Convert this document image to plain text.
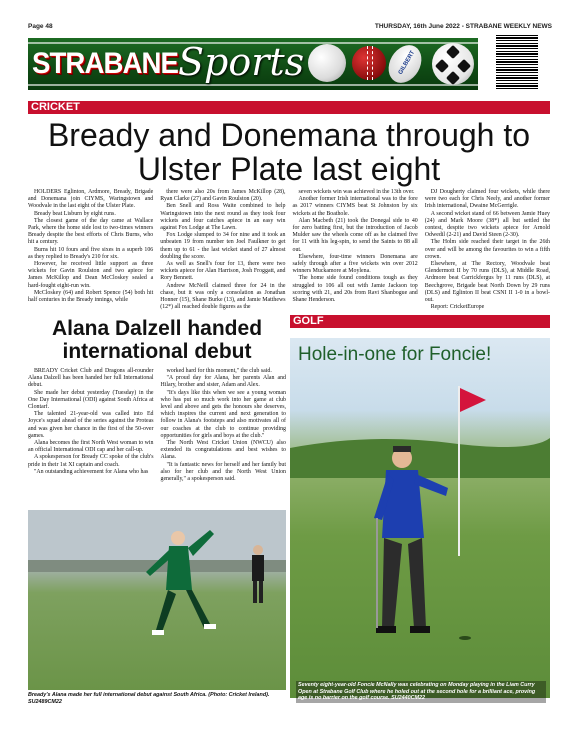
Page 48	THURSDAY, 16th June 2022 - STRABANE WEEKLY NEWS
STRABANE Sports	GILBERT
CRICKET
Bready and Donemana through to Ulster Plate last eight

HOLDERS Eglinton, Ardmore, Bready, Brigade and Donemana join CIYMS, Waringstown and Woodvale in the last eight of the Ulster Plate.

Bready beat Lisburn by eight runs.

The closest game of the day came at Wallace Park, where the home side lost to two-times winners Bready despite the best efforts of Chris Burns, who hit a century.

Burns hit 10 fours and five sixes in a superb 106 as they replied to Bready's 210 for six.

However, he received little support as three wickets for Gavin Roulston and two apiece for James McKillop and Dean McCloskey sealed a hard-fought eight-run win.

McCloskey (64) and Robert Spence (54) both hit half centuries in the Bready innings, while

there were also 20s from James McKillop (28), Ryan Clarke (27) and Gavin Roulston (20).

Ben Snell and Ross Waite combined to help Waringstown into the next round as they took four wickets and four catches apiece in an easy win against Fox Lodge at The Lawn.

Fox Lodge slumped to 34 for nine and it took an unbeaten 19 from number ten Joel Faulkner to get them up to 61 - the last wicket stand of 27 almost doubling the score.

As well as Snell's four for 13, there were two wickets apiece for Alan Harrison, Josh Froggatt, and Rory Bennett.

Andrew McNeill claimed three for 24 in the chase, but it was only a consolation as Jonathan Honner (15), Shane Burke (13), and Jamie Matthews (12*) all reached double figures as the

seven wickets win was achieved in the 13th over.

Another former Irish international was to the fore as 2017 winners CIYMS beat St Johnston by six wickets at the Boathole.

Alan Macbeth (21) took the Donegal side to 40 for zero batting first, but the introduction of Jacob Mulder saw the wheels come off as he claimed five for 11 with his leg-spin, to send the Saints to 88 all out.

Elsewhere, four-time winners Donemana are safely through after a five wickets win over 2012 winners Muckamore at Moylena.

The home side found conditions tough as they struggled to 106 all out with Jamie Jackson top scoring with 21, and 20s from Ravi Shanbogue and Shane Henderson.

DJ Dougherty claimed four wickets, while there were two each for Chris Neely, and another former Irish international, Dwaine McGerrigle.

A second wicket stand of 66 between Jamie Huey (24) and Mark Moore (38*) all but settled the contest, despite two wickets apiece for Arnold Odwedil (2-21) and David Steen (2-30).

The Holm side reached their target in the 26th over and will be among the favourites to win a fifth crown.

Elsewhere, at The Rectory, Woodvale beat Glendermott II by 70 runs (DLS), at Middle Road, Ardmore beat Carrickfergus by 11 runs (DLS), at Beechgrove, Brigade beat North Down by 29 runs (DLS) and Eglinton II beat CSNI II 1-0 in a bowl-out.

Report: CricketEurope

Alana Dalzell handed international debut

BREADY Cricket Club and Dragons all-rounder Alana Dalzell has been handed her full International debut.

She made her debut yesterday (Tuesday) in the One Day International (ODI) against South Africa at Clontarf.

The talented 21-year-old was called into Ed Joyce's squad ahead of the series against the Proteas and was given her chance in the first of the 50-over games.

Alana becomes the first North West woman to win an official International ODI cap and her call-up.

A spokesperson for Bready CC spoke of the club's pride in their 1st XI captain and coach.

"An outstanding achievement for Alana who has

worked hard for this moment," the club said.

"A proud day for Alana, her parents Alan and Hilary, brother and sister, Adam and Alex.

"It's days like this when we see a young woman who has put so much work into her game at club level and above and gets the honours she deserves, which inspires the current and next generation to follow in Alana's footsteps and also motivates all of our coaches at the club to continue providing opportunities for girls and boys at the club."

The North West Cricket Union (NWCU) also extended its congratulations and best wishes to Alana.

"It is fantastic news for herself and her family but also for her club and the North West Union generally," a spokesperson said.

Bready's Alana made her full international debut against South Africa. (Photo: Cricket Ireland). SU2489CM22
GOLF
Hole-in-one for Foncie!
Seventy eight-year-old Foncie McNally was celebrating on Monday playing in the Liam Curry Open at Strabane Golf Club where he holed out at the second hole for a brilliant ace, proving age is no barrier on the golf course. SU2440CM22
